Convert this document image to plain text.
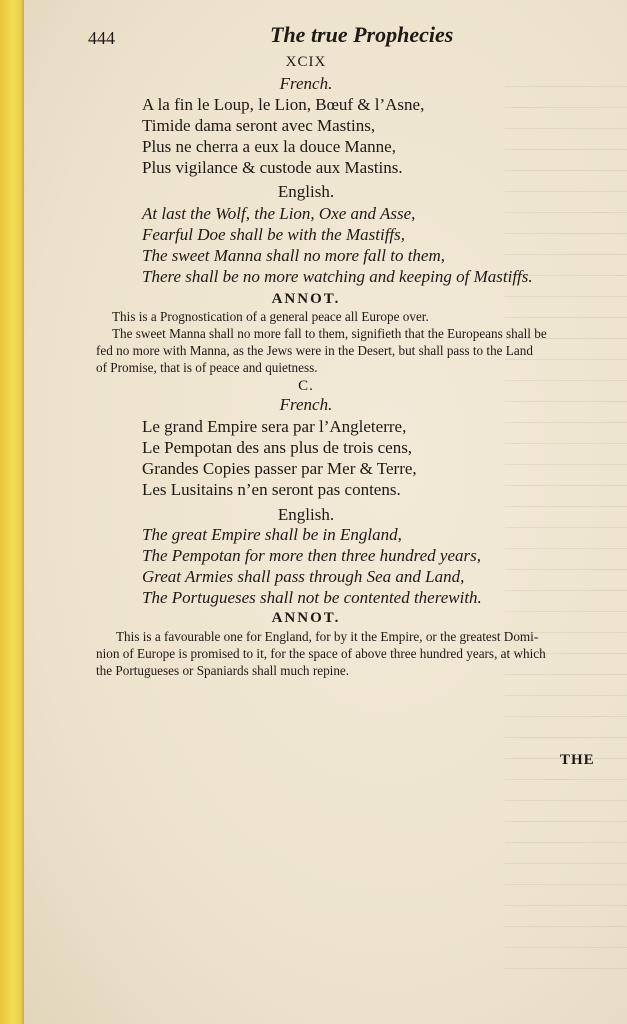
444	The true Prophecies
XCIX
French.
A la fin le Loup, le Lion, Bœuf & l’Asne,
Timide dama seront avec Mastins,
Plus ne cherra a eux la douce Manne,
Plus vigilance & custode aux Mastins.
English.
At last the Wolf, the Lion, Oxe and Asse,
Fearful Doe shall be with the Mastiffs,
The sweet Manna shall no more fall to them,
There shall be no more watching and keeping of Mastiffs.
ANNOT.
This is a Prognostication of a general peace all Europe over.
The sweet Manna shall no more fall to them, signifieth that the Europeans shall be
fed no more with Manna, as the Jews were in the Desert, but shall pass to the Land
of Promise, that is of peace and quietness.
C.
French.
Le grand Empire sera par l’Angleterre,
Le Pempotan des ans plus de trois cens,
Grandes Copies passer par Mer & Terre,
Les Lusitains n’en seront pas contens.
English.
The great Empire shall be in England,
The Pempotan for more then three hundred years,
Great Armies shall pass through Sea and Land,
The Portugueses shall not be contented therewith.
ANNOT.
This is a favourable one for England, for by it the Empire, or the greatest Domi-
nion of Europe is promised to it, for the space of above three hundred years, at which
the Portugueses or Spaniards shall much repine.
THE
